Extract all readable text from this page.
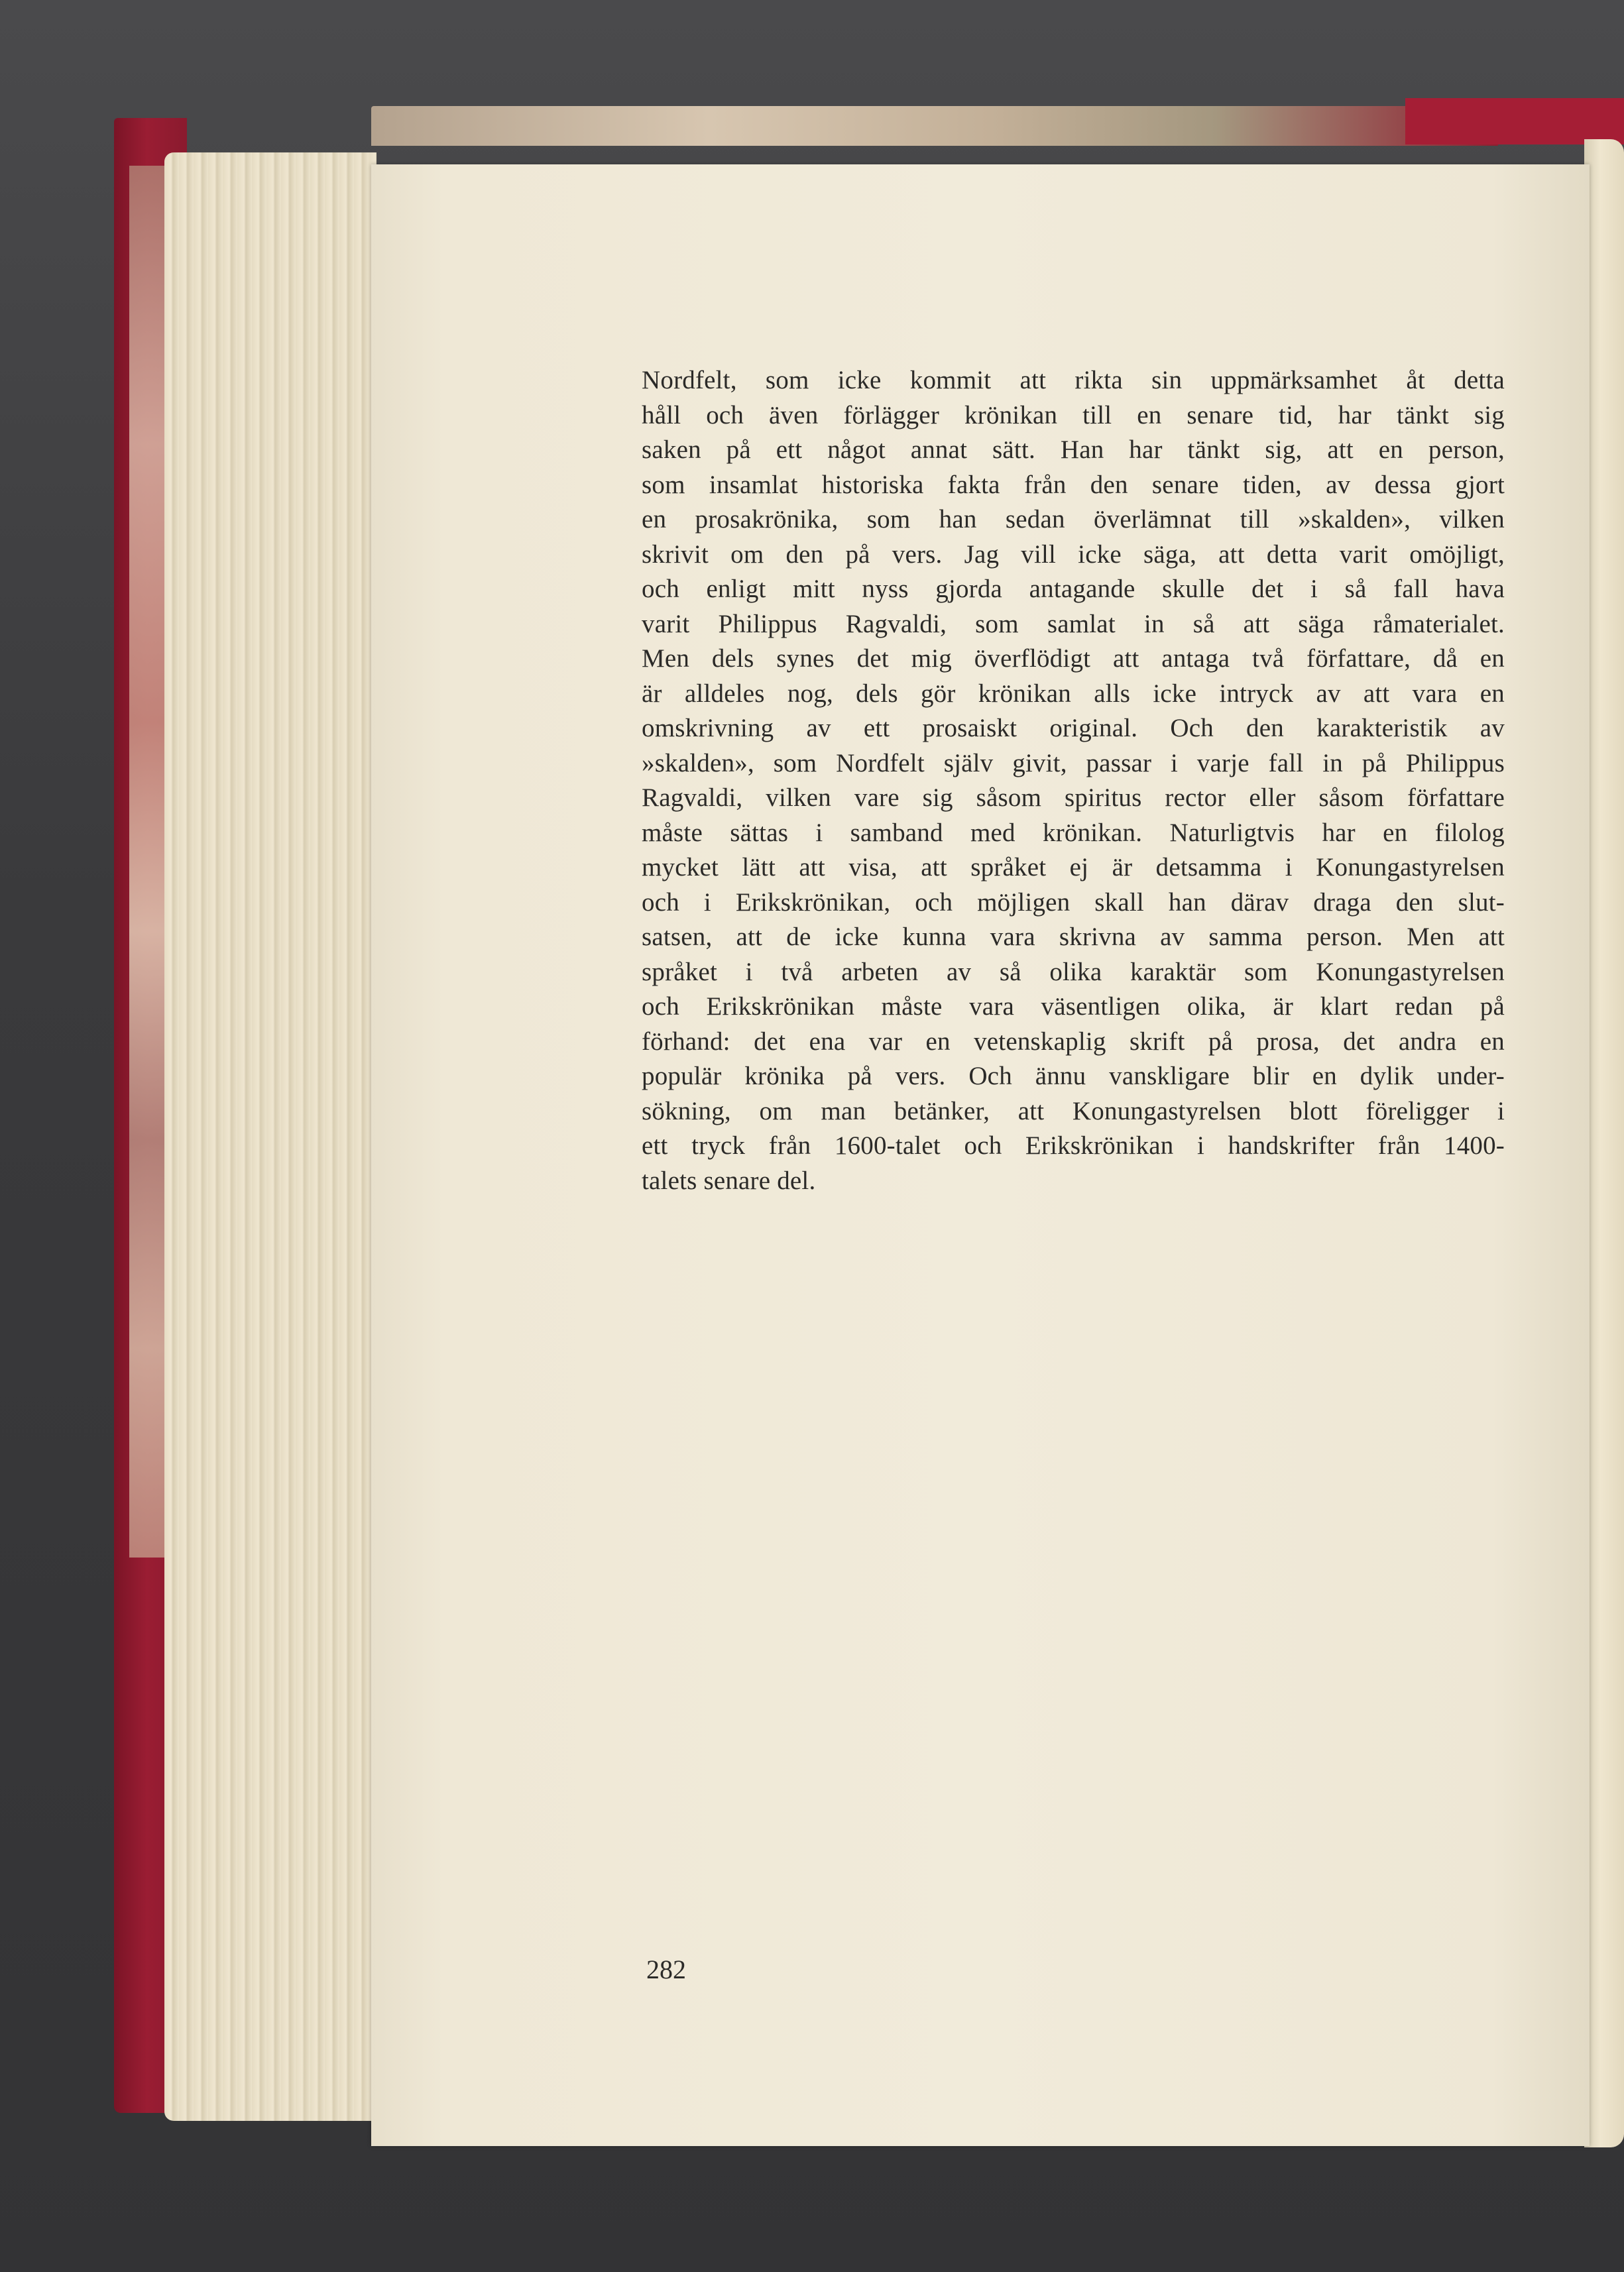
Nordfelt, som icke kommit att rikta sin uppmärksamhet åt detta
håll och även förlägger krönikan till en senare tid, har tänkt sig
saken på ett något annat sätt. Han har tänkt sig, att en person,
som insamlat historiska fakta från den senare tiden, av dessa gjort
en prosakrönika, som han sedan överlämnat till »skalden», vilken
skrivit om den på vers. Jag vill icke säga, att detta varit omöjligt,
och enligt mitt nyss gjorda antagande skulle det i så fall hava
varit Philippus Ragvaldi, som samlat in så att säga råmaterialet.
Men dels synes det mig överflödigt att antaga två författare, då en
är alldeles nog, dels gör krönikan alls icke intryck av att vara en
omskrivning av ett prosaiskt original. Och den karakteristik av
»skalden», som Nordfelt själv givit, passar i varje fall in på Philippus
Ragvaldi, vilken vare sig såsom spiritus rector eller såsom författare
måste sättas i samband med krönikan. Naturligtvis har en filolog
mycket lätt att visa, att språket ej är detsamma i Konungastyrelsen
och i Erikskrönikan, och möjligen skall han därav draga den slut-
satsen, att de icke kunna vara skrivna av samma person. Men att
språket i två arbeten av så olika karaktär som Konungastyrelsen
och Erikskrönikan måste vara väsentligen olika, är klart redan på
förhand: det ena var en vetenskaplig skrift på prosa, det andra en
populär krönika på vers. Och ännu vanskligare blir en dylik under-
sökning, om man betänker, att Konungastyrelsen blott föreligger i
ett tryck från 1600-talet och Erikskrönikan i handskrifter från 1400-
talets senare del.
282
